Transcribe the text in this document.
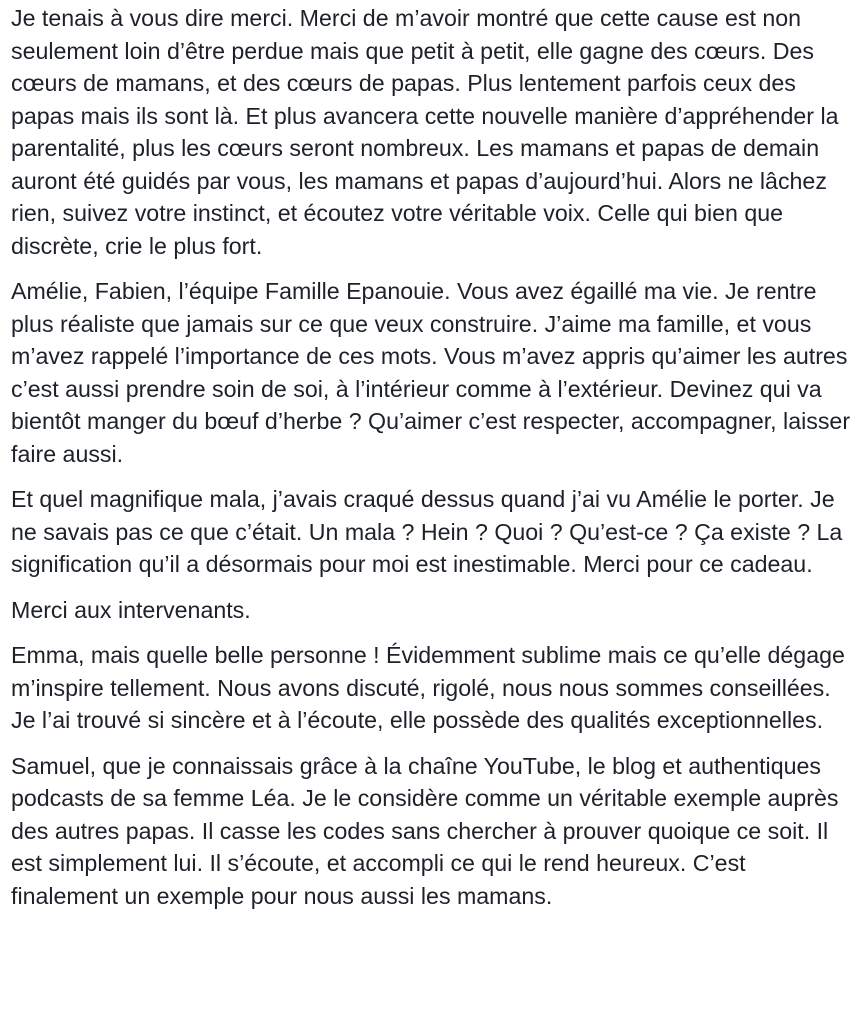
Je tenais à vous dire merci. Merci de m’avoir montré que cette cause est non seulement loin d’être perdue mais que petit à petit, elle gagne des cœurs. Des cœurs de mamans, et des cœurs de papas. Plus lentement parfois ceux des papas mais ils sont là. Et plus avancera cette nouvelle manière d’appréhender la parentalité, plus les cœurs seront nombreux. Les mamans et papas de demain auront été guidés par vous, les mamans et papas d’aujourd’hui. Alors ne lâchez rien, suivez votre instinct, et écoutez votre véritable voix. Celle qui bien que discrète, crie le plus fort.

Amélie, Fabien, l’équipe Famille Epanouie. Vous avez égaillé ma vie. Je rentre plus réaliste que jamais sur ce que veux construire. J’aime ma famille, et vous m’avez rappelé l’importance de ces mots. Vous m’avez appris qu’aimer les autres c’est aussi prendre soin de soi, à l’intérieur comme à l’extérieur. Devinez qui va bientôt manger du bœuf d’herbe ? Qu’aimer c’est respecter, accompagner, laisser faire aussi.

Et quel magnifique mala, j’avais craqué dessus quand j’ai vu Amélie le porter. Je ne savais pas ce que c’était. Un mala ? Hein ? Quoi ? Qu’est-ce ? Ça existe ? La signification qu’il a désormais pour moi est inestimable. Merci pour ce cadeau.

Merci aux intervenants.

Emma, mais quelle belle personne ! Évidemment sublime mais ce qu’elle dégage m’inspire tellement. Nous avons discuté, rigolé, nous nous sommes conseillées. Je l’ai trouvé si sincère et à l’écoute, elle possède des qualités exceptionnelles.

Samuel, que je connaissais grâce à la chaîne YouTube, le blog et authentiques podcasts de sa femme Léa. Je le considère comme un véritable exemple auprès des autres papas. Il casse les codes sans chercher à prouver quoique ce soit. Il est simplement lui. Il s’écoute, et accompli ce qui le rend heureux. C’est finalement un exemple pour nous aussi les mamans.
